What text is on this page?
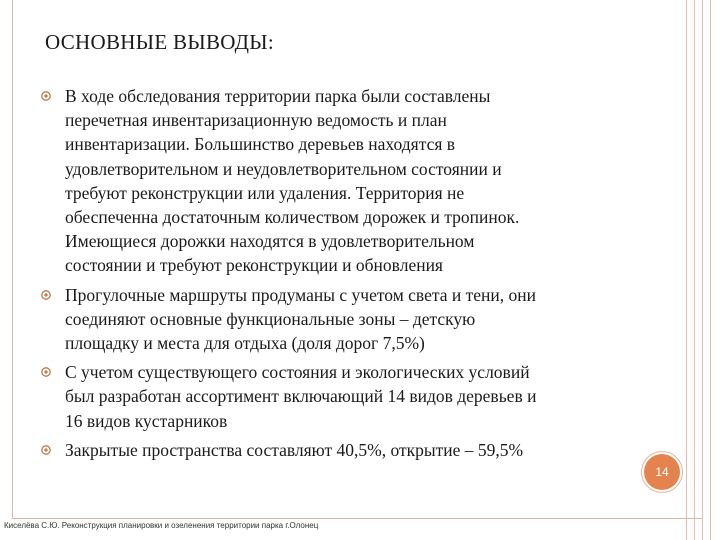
ОСНОВНЫЕ ВЫВОДЫ:
В ходе обследования территории парка были составлены
перечетная инвентаризационную ведомость и план
инвентаризации. Большинство деревьев находятся в
удовлетворительном и неудовлетворительном состоянии и
требуют реконструкции или удаления. Территория не
обеспеченна достаточным количеством дорожек и тропинок.
Имеющиеся дорожки находятся в удовлетворительном
состоянии и требуют реконструкции и обновления
Прогулочные маршруты продуманы с учетом света и тени, они
соединяют основные функциональные зоны – детскую
площадку и места для отдыха (доля дорог 7,5%)
С учетом существующего состояния и экологических условий
был разработан ассортимент включающий 14 видов деревьев и
16 видов кустарников
Закрытые пространства составляют 40,5%, открытие – 59,5%
14
Киселёва С.Ю. Реконструкция планировки и озеленения территории парка г.Олонец
